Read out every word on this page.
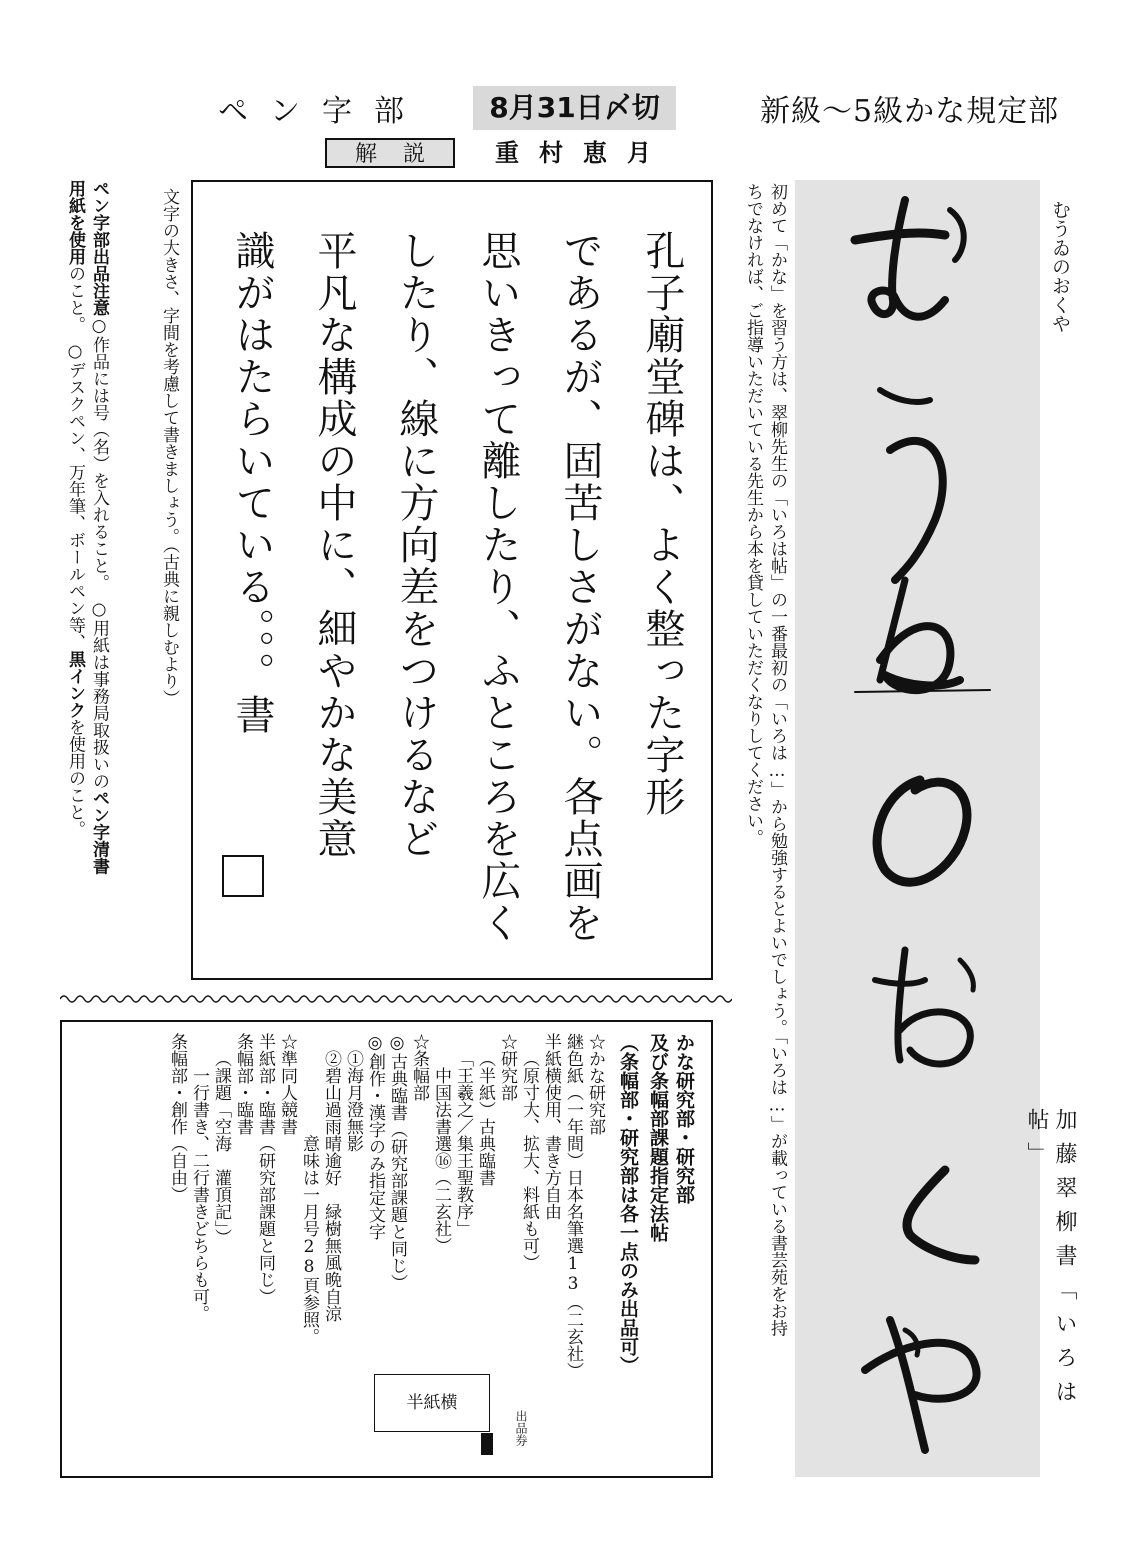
ペン字部	8月31日〆切	新級～5級かな規定部
解説 重村恵月
ペン字部出品注意○作品には号（名）を入れること。　○用紙は事務局取扱いのペン字清書
用紙を使用のこと。　○デスクペン、万年筆、ボールペン等、黒インクを使用のこと。
文字の大きさ、字間を考慮して書きましょう。（古典に親しむより）	孔子廟堂碑は、よく整った字形
であるが、固苦しさがない。各点画を
思いきって離したり、ふところを広く
したり、線に方向差をつけるなど
平凡な構成の中に、細やかな美意
識がはたらいている。。。書
かな研究部・研究部
及び条幅部課題指定法帖
（条幅部・研究部は各一点のみ出品可）
☆かな研究部
継色紙（一年間）日本名筆選13（二玄社）
半紙横使用、書き方自由
（原寸大、拡大、料紙も可）
☆研究部
（半紙）古典臨書
「王羲之／集王聖教序」
中国法書選⑯（二玄社）
☆条幅部
◎古典臨書（研究部課題と同じ）
◎創作・漢字のみ指定文字
①海月澄無影
②碧山過雨晴逾好　緑樹無風晩自涼
意味は一月号28頁参照。
☆準同人競書
半紙部・臨書（研究部課題と同じ）
条幅部・臨書
（課題「空海　灌頂記」）
一行書き、二行書きどちらも可。
条幅部・創作（自由）
半紙横
出品券
初めて「かな」を習う方は、翠柳先生の「いろは帖」の一番最初の「いろは…」から勉強するとよいでしょう。「いろは…」が載っている書芸苑をお持
ちでなければ、ご指導いただいている先生から本を貸していただくなりしてください。	むうゐのおくや
加藤翠柳書「いろは帖」
